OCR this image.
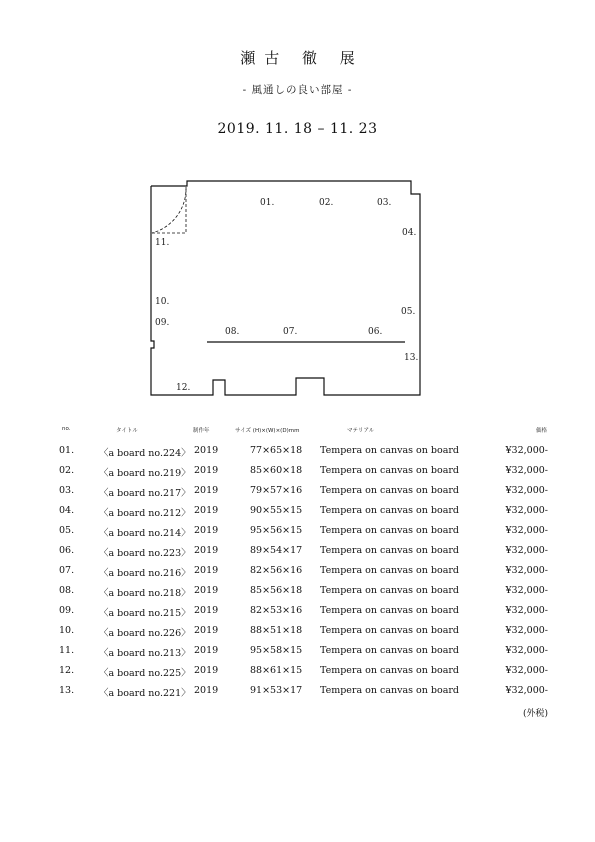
瀬古 徹 展
- 風通しの良い部屋 -
2019. 11. 18 – 11. 23
01.	02.	03.
04.
05.
06.
07.
08.
09.
10.
11.
12.
13.
no.	タイトル	制作年	サイズ (H)×(W)×(D)mm	マテリアル	価格
01.	〈a board no.224〉 2019	77×65×18 Tempera on canvas on board	¥32,000-
02.	〈a board no.219〉 2019	85×60×18 Tempera on canvas on board	¥32,000-
03.	〈a board no.217〉 2019	79×57×16 Tempera on canvas on board	¥32,000-
04.	〈a board no.212〉 2019	90×55×15 Tempera on canvas on board	¥32,000-
05.	〈a board no.214〉 2019	95×56×15 Tempera on canvas on board	¥32,000-
06.	〈a board no.223〉 2019	89×54×17 Tempera on canvas on board	¥32,000-
07.	〈a board no.216〉 2019	82×56×16 Tempera on canvas on board	¥32,000-
08.	〈a board no.218〉 2019	85×56×18 Tempera on canvas on board	¥32,000-
09.	〈a board no.215〉 2019	82×53×16 Tempera on canvas on board	¥32,000-
10.	〈a board no.226〉 2019	88×51×18 Tempera on canvas on board	¥32,000-
11.	〈a board no.213〉 2019	95×58×15 Tempera on canvas on board	¥32,000-
12.	〈a board no.225〉 2019	88×61×15 Tempera on canvas on board	¥32,000-
13.	〈a board no.221〉 2019	91×53×17 Tempera on canvas on board	¥32,000-
(外税)
